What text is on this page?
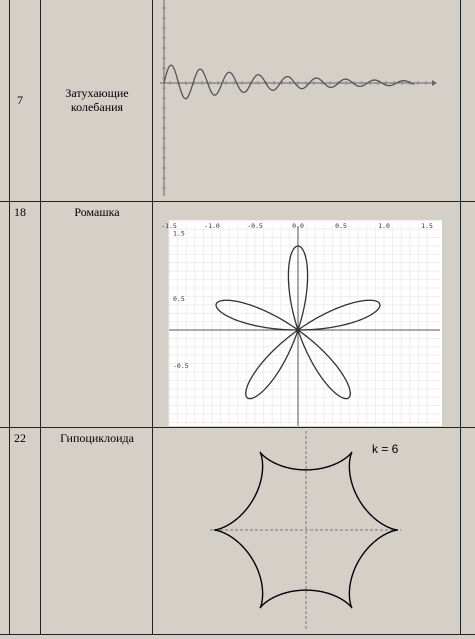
7	Затухающие
колебания
18	Ромашка
-1.5	-1.0	-0.5	0.0	0.5	1.0	1.5
1.5
0.5
-0.5
22	Гипоциклоида
k = 6
